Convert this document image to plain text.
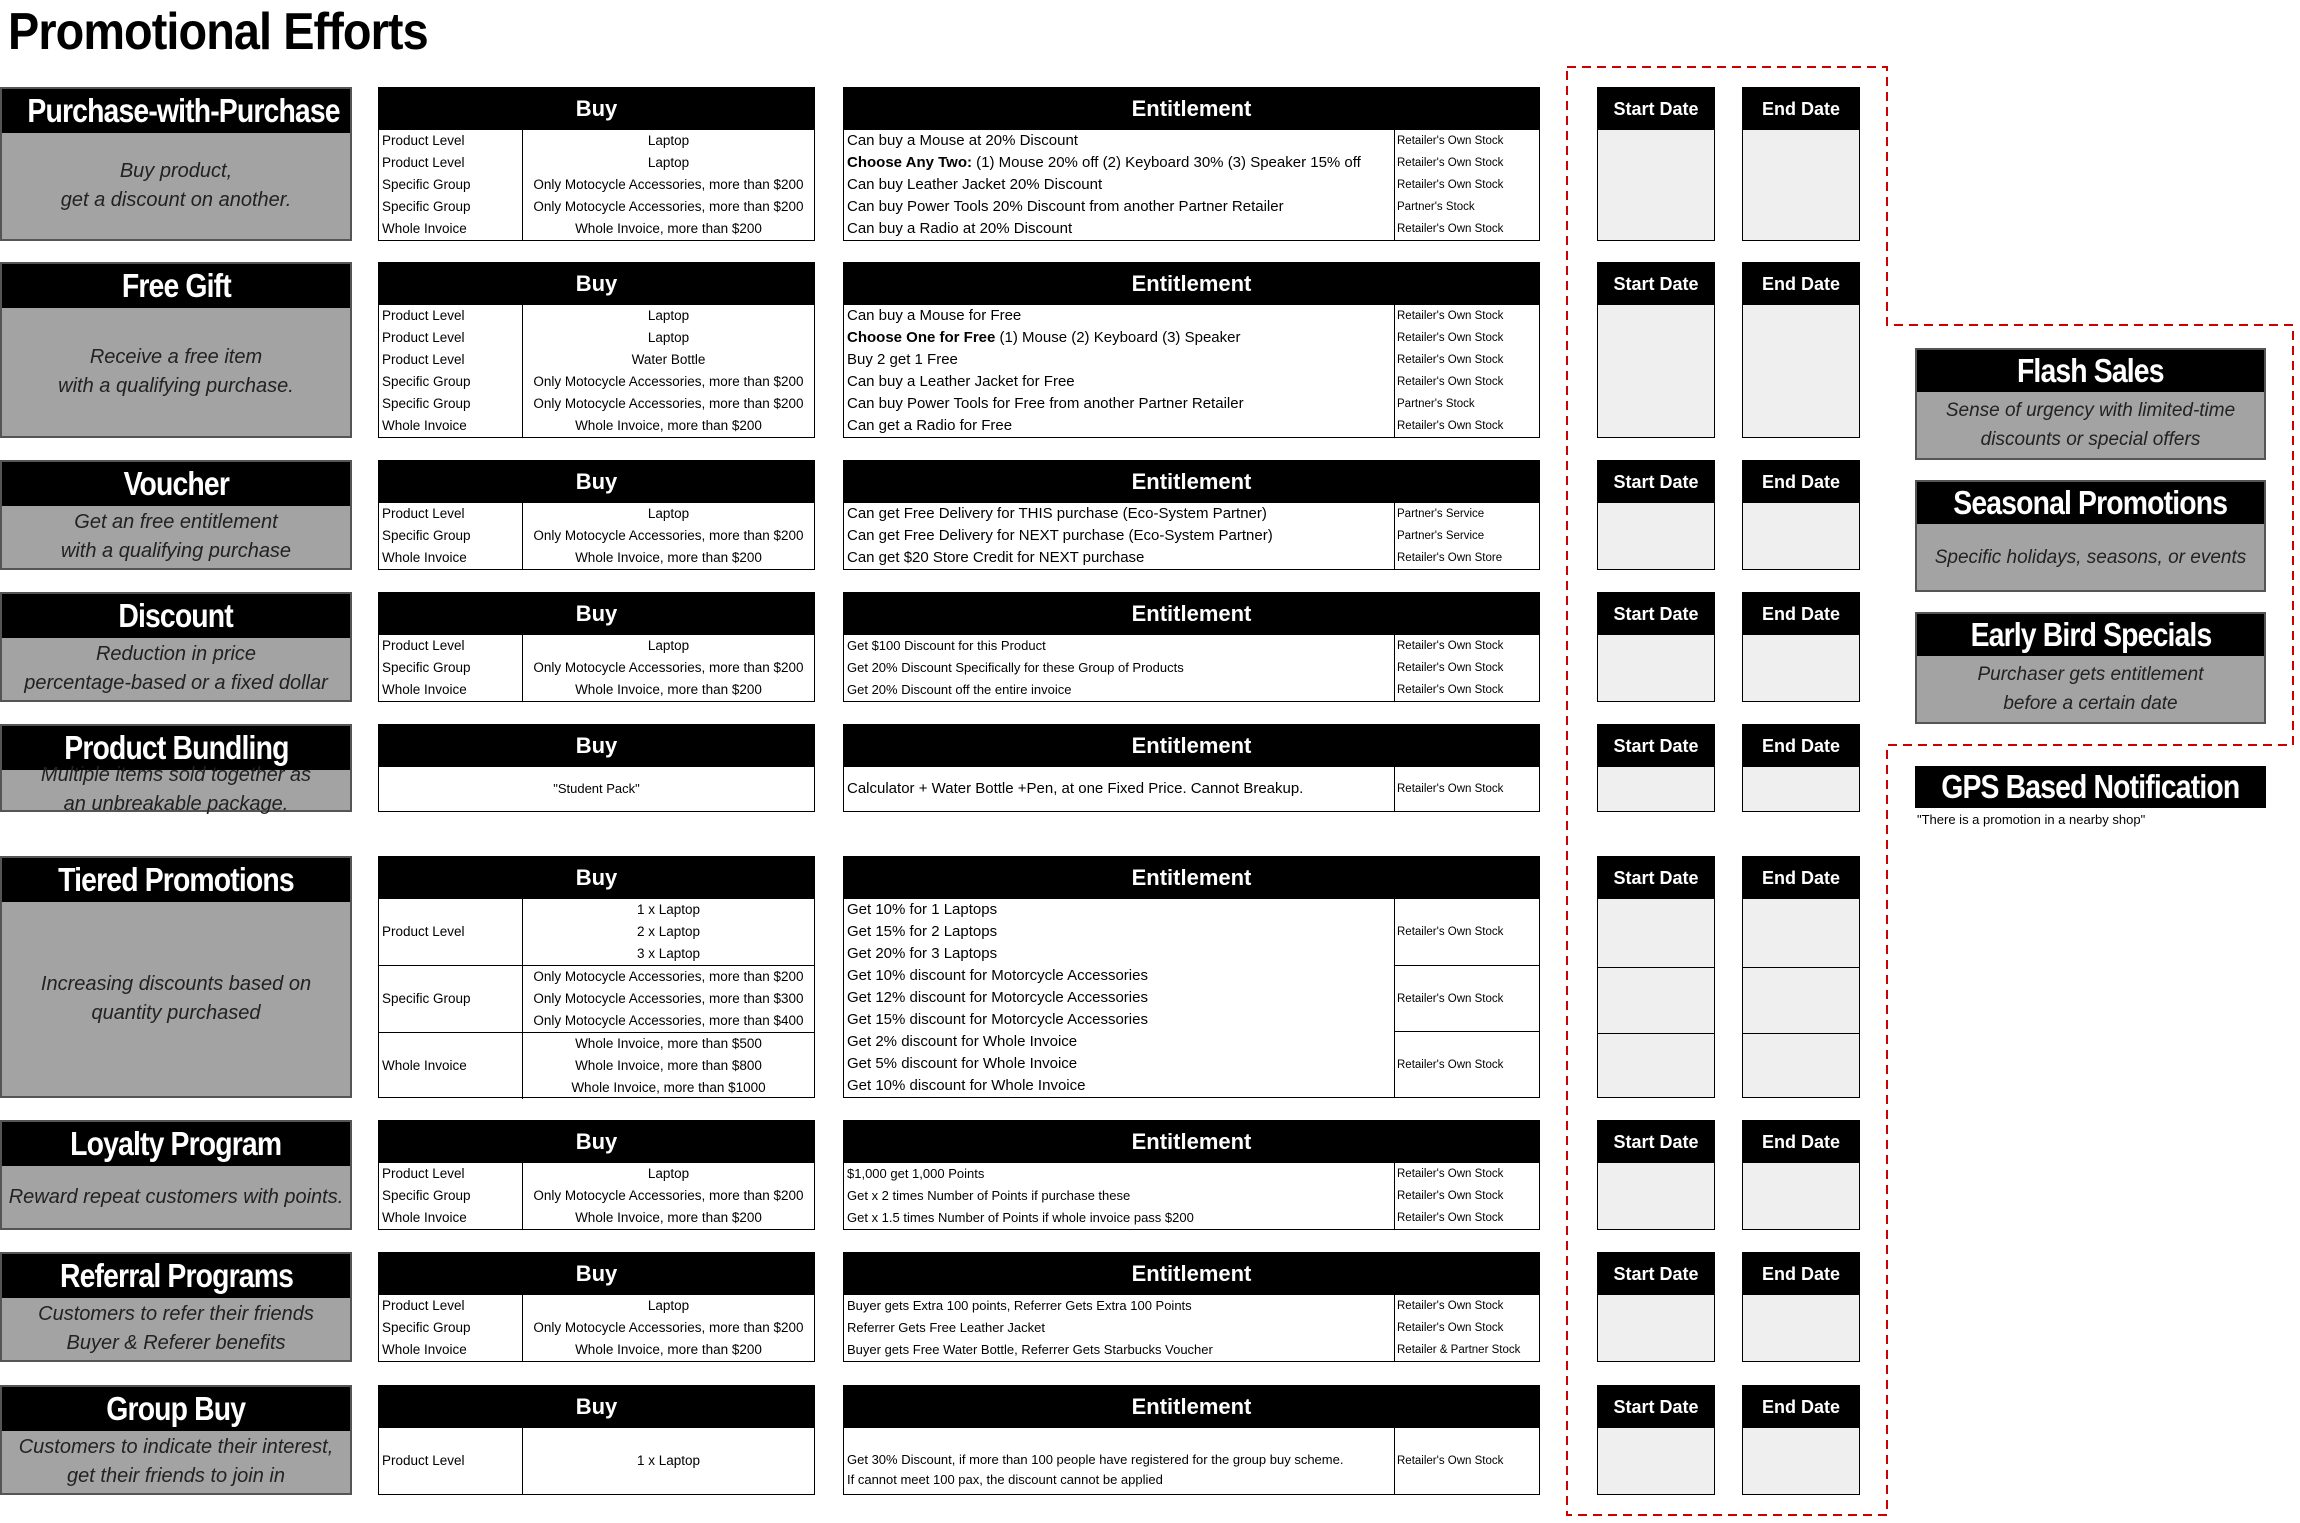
Promotional Efforts
Purchase-with-Purchase
Buy product,
get a discount on another.
Buy
Product Level	Laptop
Product Level	Laptop
Specific Group	Only Motocycle Accessories, more than $200
Specific Group	Only Motocycle Accessories, more than $200
Whole Invoice	Whole Invoice, more than $200
Entitlement
Can buy a Mouse at 20% Discount	Retailer's Own Stock
Choose Any Two: (1) Mouse 20% off (2) Keyboard 30% (3) Speaker 15% off	Retailer's Own Stock
Can buy Leather Jacket 20% Discount	Retailer's Own Stock
Can buy Power Tools 20% Discount from another Partner Retailer	Partner's Stock
Can buy a Radio at 20% Discount	Retailer's Own Stock
Start Date	End Date
Free Gift
Receive a free item
with a qualifying purchase.
Buy
Product Level	Laptop
Product Level	Laptop
Product Level	Water Bottle
Specific Group	Only Motocycle Accessories, more than $200
Specific Group	Only Motocycle Accessories, more than $200
Whole Invoice	Whole Invoice, more than $200
Entitlement
Can buy a Mouse for Free	Retailer's Own Stock
Choose One for Free (1) Mouse (2) Keyboard (3) Speaker	Retailer's Own Stock
Buy 2 get 1 Free	Retailer's Own Stock
Can buy a Leather Jacket for Free	Retailer's Own Stock
Can buy Power Tools for Free from another Partner Retailer	Partner's Stock
Can get a Radio for Free	Retailer's Own Stock
Start Date	End Date
Voucher
Get an free entitlement
with a qualifying purchase
Buy
Product Level	Laptop
Specific Group	Only Motocycle Accessories, more than $200
Whole Invoice	Whole Invoice, more than $200
Entitlement
Can get Free Delivery for THIS purchase (Eco-System Partner)	Partner's Service
Can get Free Delivery for NEXT purchase (Eco-System Partner)	Partner's Service
Can get $20 Store Credit for NEXT purchase	Retailer's Own Store
Start Date	End Date
Discount
Reduction in price
percentage-based or a fixed dollar
Buy
Product Level	Laptop
Specific Group	Only Motocycle Accessories, more than $200
Whole Invoice	Whole Invoice, more than $200
Entitlement
Get $100 Discount for this Product	Retailer's Own Stock
Get 20% Discount Specifically for these Group of Products	Retailer's Own Stock
Get 20% Discount off the entire invoice	Retailer's Own Stock
Start Date	End Date
Product Bundling
Multiple items sold together as
an unbreakable package.
Buy
"Student Pack"
Entitlement
Calculator + Water Bottle +Pen, at one Fixed Price. Cannot Breakup.	Retailer's Own Stock
Start Date	End Date
Tiered Promotions
Increasing discounts based on
quantity purchased
Buy
Product Level
1 x Laptop
2 x Laptop
3 x Laptop
Specific Group
Only Motocycle Accessories, more than $200
Only Motocycle Accessories, more than $300
Only Motocycle Accessories, more than $400
Whole Invoice
Whole Invoice, more than $500
Whole Invoice, more than $800
Whole Invoice, more than $1000
Entitlement
Get 10% for 1 Laptops
Get 15% for 2 Laptops
Get 20% for 3 Laptops
Retailer's Own Stock
Get 10% discount for Motorcycle Accessories
Get 12% discount for Motorcycle Accessories
Get 15% discount for Motorcycle Accessories
Retailer's Own Stock
Get 2% discount for Whole Invoice
Get 5% discount for Whole Invoice
Get 10% discount for Whole Invoice
Retailer's Own Stock
Start Date	End Date
Loyalty Program
Reward repeat customers with points.
Buy
Product Level	Laptop
Specific Group	Only Motocycle Accessories, more than $200
Whole Invoice	Whole Invoice, more than $200
Entitlement
$1,000 get 1,000 Points	Retailer's Own Stock
Get x 2 times Number of Points if purchase these	Retailer's Own Stock
Get x 1.5 times Number of Points if whole invoice pass $200	Retailer's Own Stock
Start Date	End Date
Referral Programs
Customers to refer their friends
Buyer & Referer benefits
Buy
Product Level	Laptop
Specific Group	Only Motocycle Accessories, more than $200
Whole Invoice	Whole Invoice, more than $200
Entitlement
Buyer gets Extra 100 points, Referrer Gets Extra 100 Points	Retailer's Own Stock
Referrer Gets Free Leather Jacket	Retailer's Own Stock
Buyer gets Free Water Bottle, Referrer Gets Starbucks Voucher	Retailer & Partner Stock
Start Date	End Date
Group Buy
Customers to indicate their interest,
get their friends to join in
Buy
Product Level	1 x Laptop
Entitlement
Get 30% Discount, if more than 100 people have registered for the group buy scheme.
If cannot meet 100 pax, the discount cannot be applied
Retailer's Own Stock
Start Date	End Date
Flash Sales
Sense of urgency with limited-time
discounts or special offers
Seasonal Promotions
Specific holidays, seasons, or events
Early Bird Specials
Purchaser gets entitlement
before a certain date
GPS Based Notification
"There is a promotion in a nearby shop"
